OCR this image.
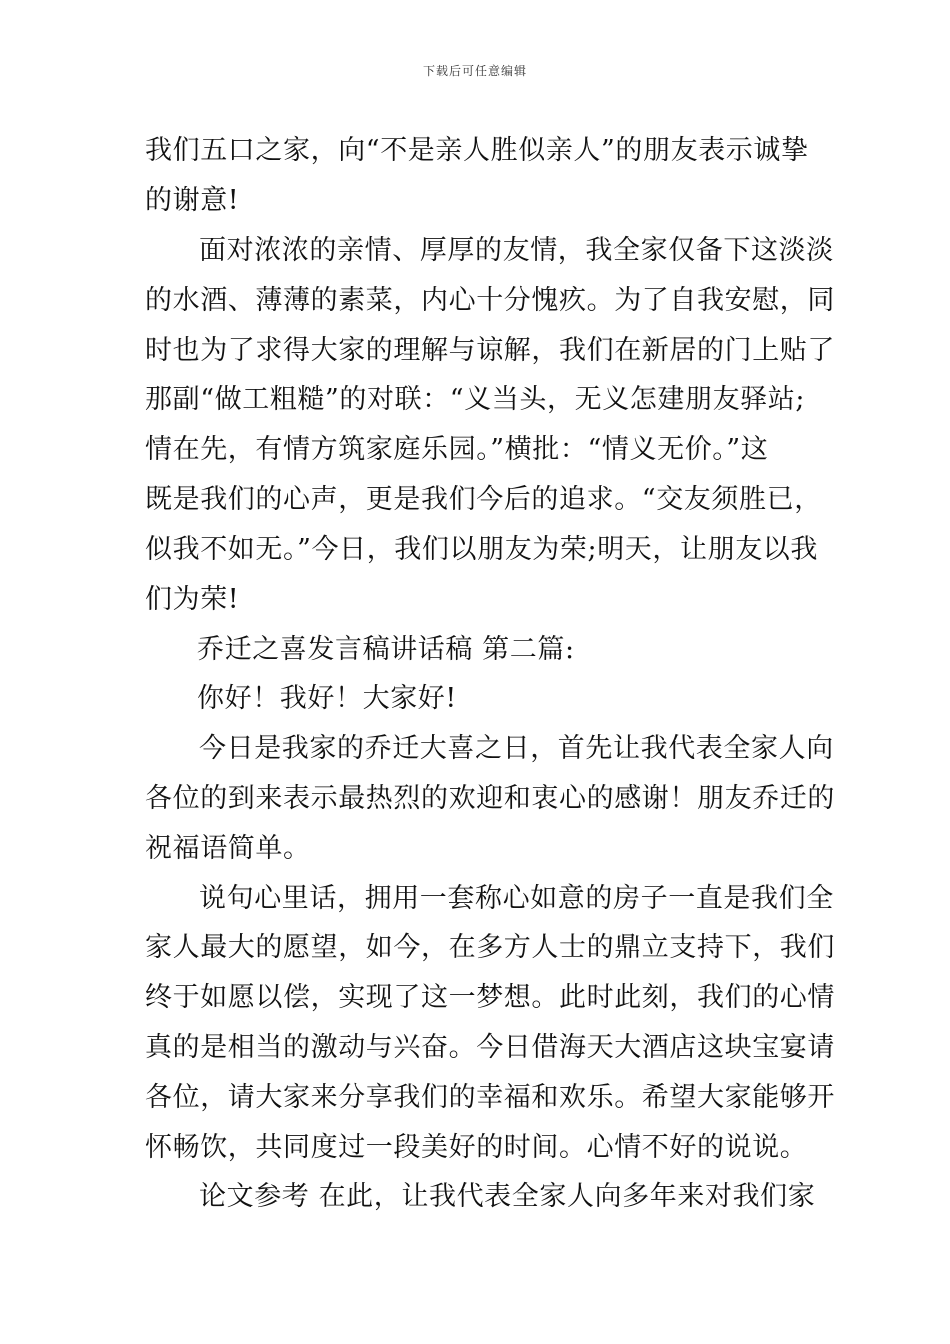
下载后可任意编辑
我们五口之家，向“不是亲人胜似亲人”的朋友表示诚挚
的谢意!
面对浓浓的亲情、厚厚的友情，我全家仅备下这淡淡
的水酒、薄薄的素菜，内心十分愧疚。为了自我安慰，同
时也为了求得大家的理解与谅解，我们在新居的门上贴了
那副“做工粗糙”的对联：“义当头，无义怎建朋友驿站;
情在先，有情方筑家庭乐园。”横批：“情义无价。”这
既是我们的心声，更是我们今后的追求。“交友须胜已，
似我不如无。”今日，我们以朋友为荣;明天，让朋友以我
们为荣!
乔迁之喜发言稿讲话稿 第二篇:
你好！我好！大家好!
今日是我家的乔迁大喜之日，首先让我代表全家人向
各位的到来表示最热烈的欢迎和衷心的感谢！朋友乔迁的
祝福语简单。
说句心里话，拥用一套称心如意的房子一直是我们全
家人最大的愿望，如今，在多方人士的鼎立支持下，我们
终于如愿以偿，实现了这一梦想。此时此刻，我们的心情
真的是相当的激动与兴奋。今日借海天大酒店这块宝宴请
各位，请大家来分享我们的幸福和欢乐。希望大家能够开
怀畅饮，共同度过一段美好的时间。心情不好的说说。
论文参考 在此，让我代表全家人向多年来对我们家
